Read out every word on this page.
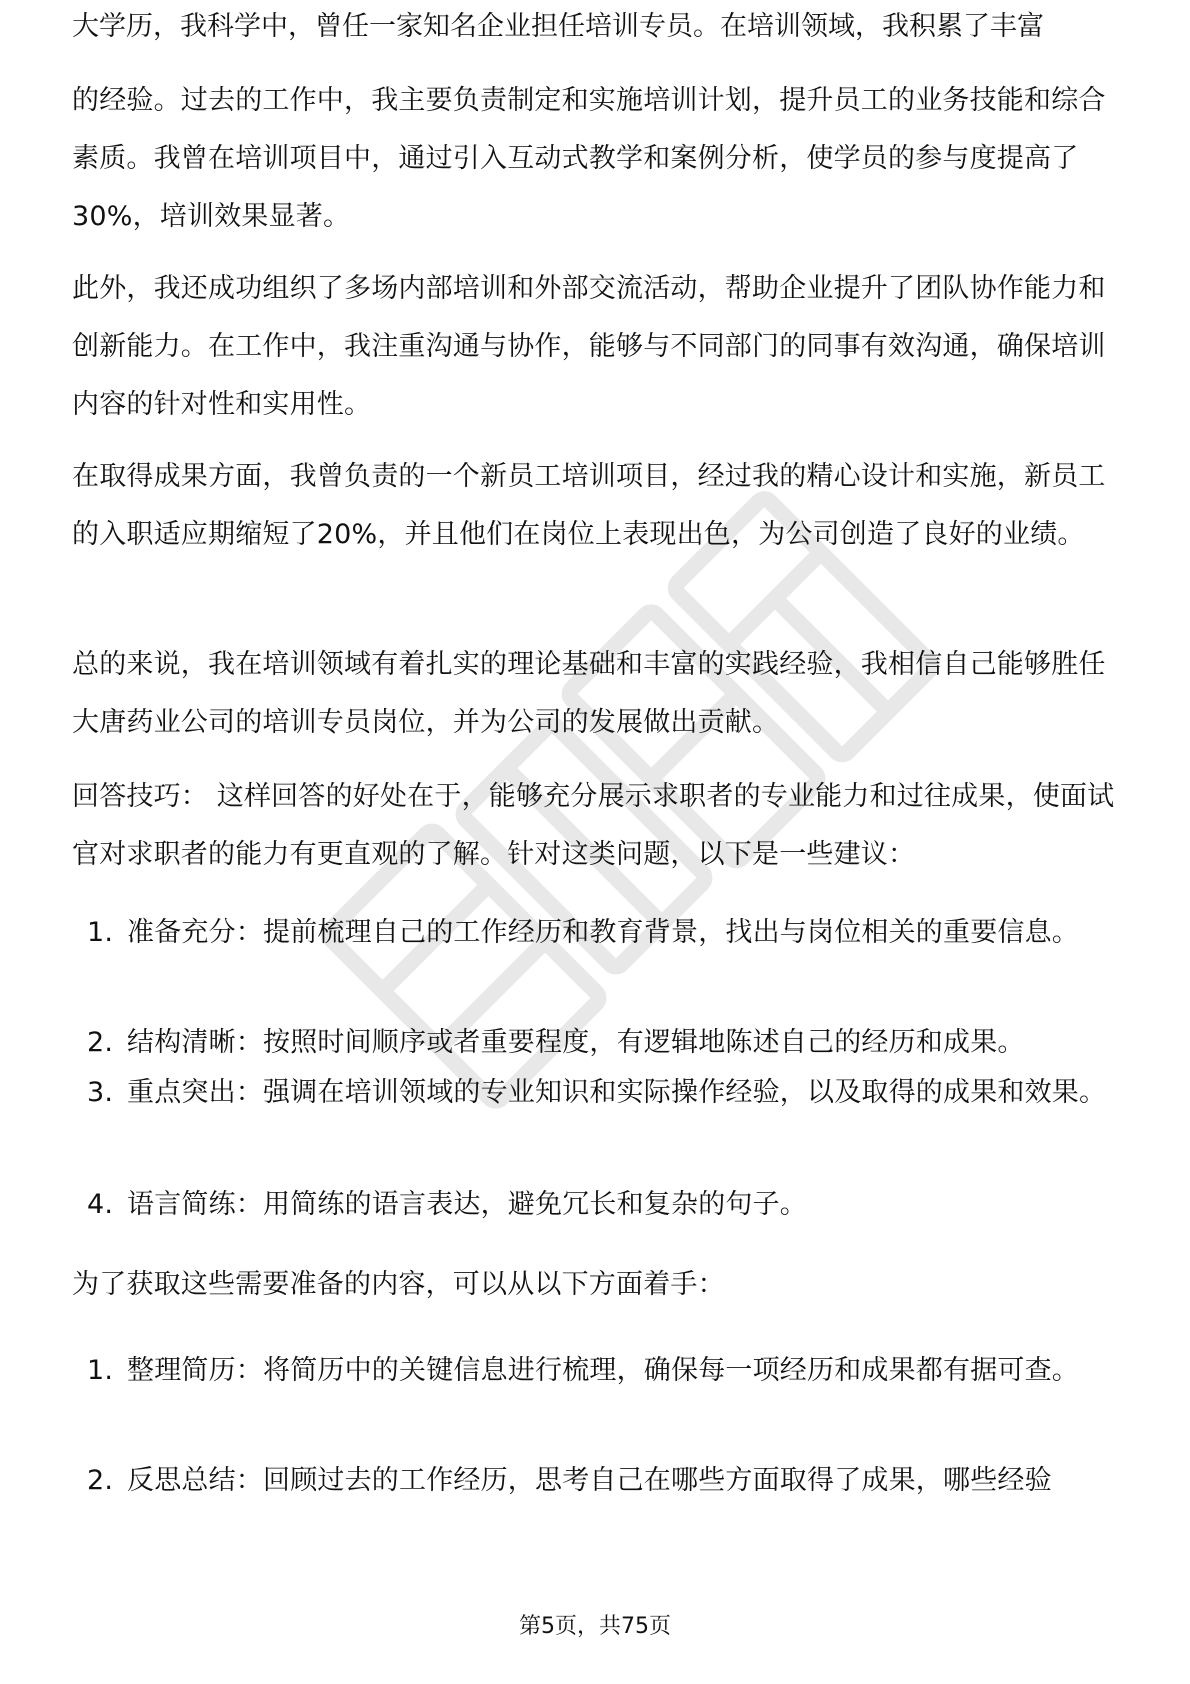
大学历，我科学中，曾任一家知名企业担任培训专员。在培训领域，我积累了丰富

的经验。过去的工作中，我主要负责制定和实施培训计划，提升员工的业务技能和综合素质。我曾在培训项目中，通过引入互动式教学和案例分析，使学员的参与度提高了30%，培训效果显著。

此外，我还成功组织了多场内部培训和外部交流活动，帮助企业提升了团队协作能力和创新能力。在工作中，我注重沟通与协作，能够与不同部门的同事有效沟通，确保培训内容的针对性和实用性。

在取得成果方面，我曾负责的一个新员工培训项目，经过我的精心设计和实施，新员工的入职适应期缩短了20%，并且他们在岗位上表现出色，为公司创造了良好的业绩。

总的来说，我在培训领域有着扎实的理论基础和丰富的实践经验，我相信自己能够胜任大唐药业公司的培训专员岗位，并为公司的发展做出贡献。

回答技巧： 这样回答的好处在于，能够充分展示求职者的专业能力和过往成果，使面试官对求职者的能力有更直观的了解。针对这类问题，以下是一些建议：

1. 准备充分：提前梳理自己的工作经历和教育背景，找出与岗位相关的重要信息。
2. 结构清晰：按照时间顺序或者重要程度，有逻辑地陈述自己的经历和成果。
3. 重点突出：强调在培训领域的专业知识和实际操作经验，以及取得的成果和效果。
4. 语言简练：用简练的语言表达，避免冗长和复杂的句子。

为了获取这些需要准备的内容，可以从以下方面着手：

1. 整理简历：将简历中的关键信息进行梳理，确保每一项经历和成果都有据可查。
2. 反思总结：回顾过去的工作经历，思考自己在哪些方面取得了成果，哪些经验
第5页，共75页
